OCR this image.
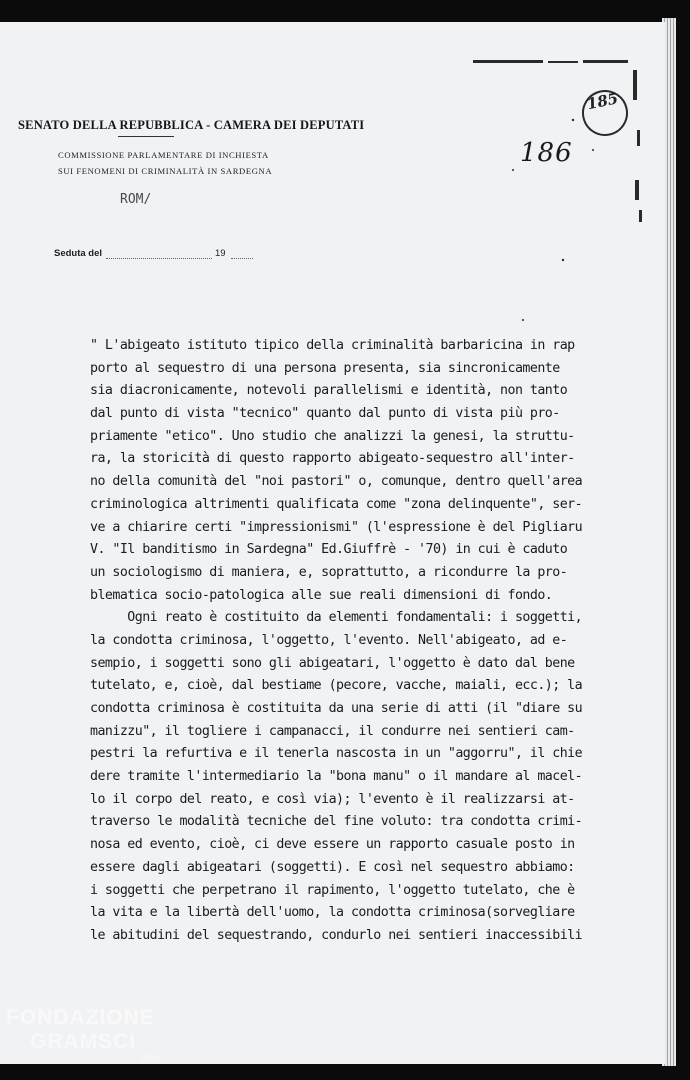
185
186
SENATO DELLA REPUBBLICA - CAMERA DEI DEPUTATI
COMMISSIONE PARLAMENTARE DI INCHIESTA
SUI FENOMENI DI CRIMINALITÀ IN SARDEGNA
ROM/
Seduta del	19
" L'abigeato istituto tipico della criminalità barbaricina in rap
porto al sequestro di una persona presenta, sia sincronicamente
sia diacronicamente, notevoli parallelismi e identità, non tanto
dal punto di vista "tecnico" quanto dal punto di vista più pro-
priamente "etico". Uno studio che analizzi la genesi, la struttu-
ra, la storicità di questo rapporto abigeato-sequestro all'inter-
no della comunità del "noi pastori" o, comunque, dentro quell'area
criminologica altrimenti qualificata come "zona delinquente", ser-
ve a chiarire certi "impressionismi" (l'espressione è del Pigliaru
V. "Il banditismo in Sardegna" Ed.Giuffrè - '70) in cui è caduto
un sociologismo di maniera, e, soprattutto, a ricondurre la pro-
blematica socio-patologica alle sue reali dimensioni di fondo.
Ogni reato è costituito da elementi fondamentali: i soggetti,
la condotta criminosa, l'oggetto, l'evento. Nell'abigeato, ad e-
sempio, i soggetti sono gli abigeatari, l'oggetto è dato dal bene
tutelato, e, cioè, dal bestiame (pecore, vacche, maiali, ecc.); la
condotta criminosa è costituita da una serie di atti (il "diare su
manizzu", il togliere i campanacci, il condurre nei sentieri cam-
pestri la refurtiva e il tenerla nascosta in un "aggorru", il chie
dere tramite l'intermediario la "bona manu" o il mandare al macel-
lo il corpo del reato, e così via); l'evento è il realizzarsi at-
traverso le modalità tecniche del fine voluto: tra condotta crimi-
nosa ed evento, cioè, ci deve essere un rapporto casuale posto in
essere dagli abigeatari (soggetti). E così nel sequestro abbiamo:
i soggetti che perpetrano il rapimento, l'oggetto tutelato, che è
la vita e la libertà dell'uomo, la condotta criminosa(sorvegliare
le abitudini del sequestrando, condurlo nei sentieri inaccessibili
FONDAZIONE
GRAMSCI
onlus
